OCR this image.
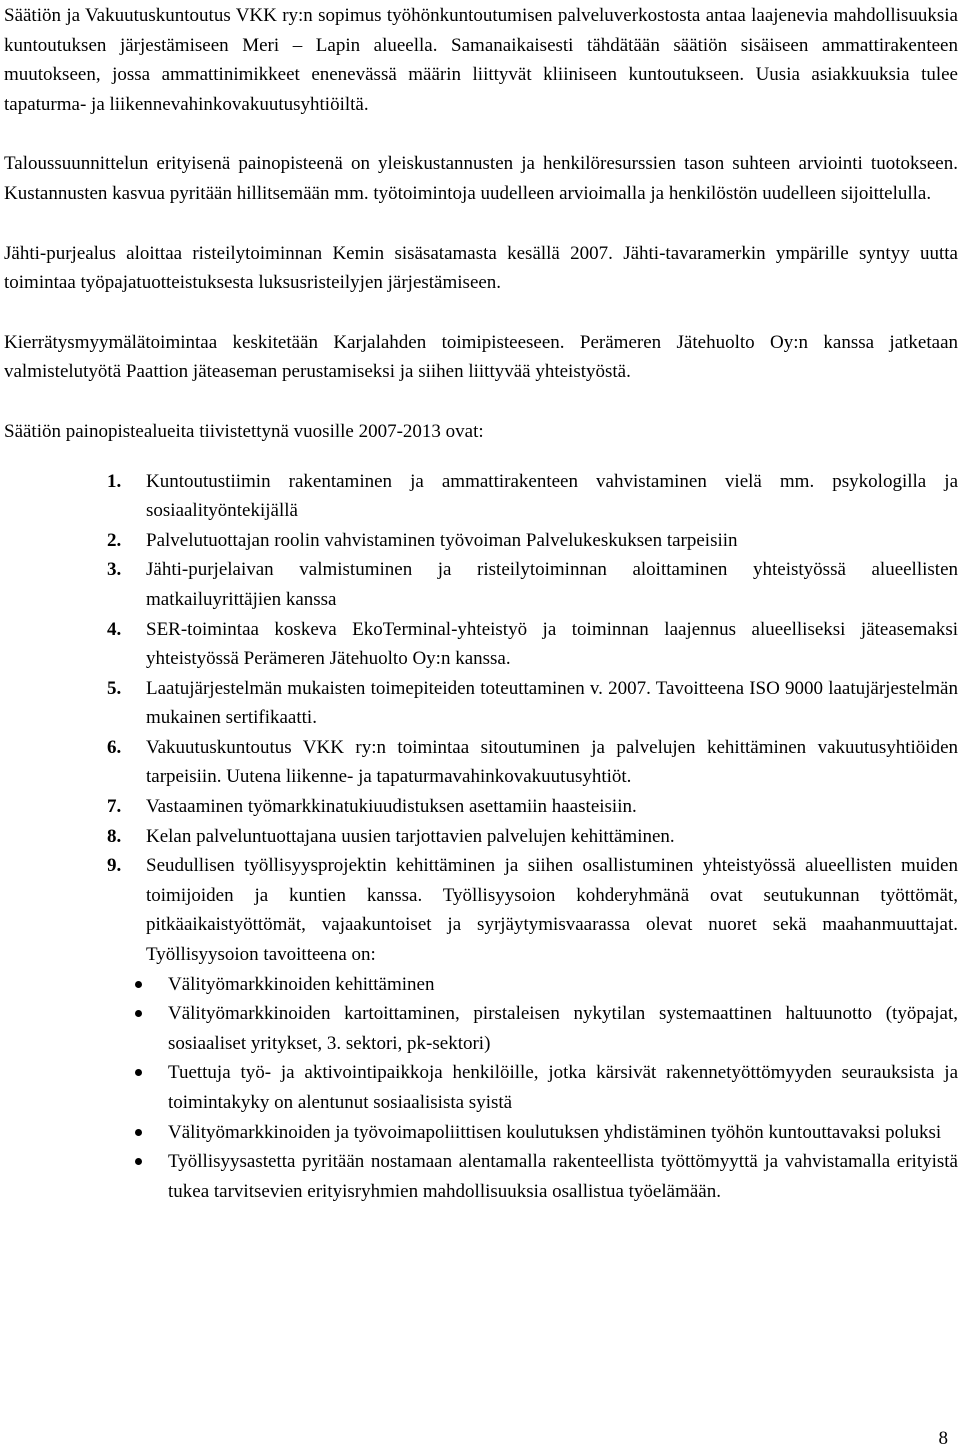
Säätiön ja Vakuutuskuntoutus VKK ry:n sopimus työhönkuntoutumisen palveluverkostosta antaa laajenevia mahdollisuuksia kuntoutuksen järjestämiseen Meri – Lapin alueella. Samanaikaisesti tähdätään säätiön sisäiseen ammattirakenteen muutokseen, jossa ammattinimikkeet enenevässä määrin liittyvät kliiniseen kuntoutukseen. Uusia asiakkuuksia tulee tapaturma- ja liikennevahinkovakuutusyhtiöiltä.

Taloussuunnittelun erityisenä painopisteenä on yleiskustannusten ja henkilöresurssien tason suhteen arviointi tuotokseen. Kustannusten kasvua pyritään hillitsemään mm. työtoimintoja uudelleen arvioimalla ja henkilöstön uudelleen sijoittelulla.

Jähti-purjealus aloittaa risteilytoiminnan Kemin sisäsatamasta kesällä 2007. Jähti-tavaramerkin ympärille syntyy uutta toimintaa työpajatuotteistuksesta luksusristeilyjen järjestämiseen.

Kierrätysmyymälätoimintaa keskitetään Karjalahden toimipisteeseen. Perämeren Jätehuolto Oy:n kanssa jatketaan valmistelutyötä Paattion jäteaseman perustamiseksi ja siihen liittyvää yhteistyöstä.

Säätiön painopistealueita tiivistettynä vuosille 2007-2013 ovat:

1. Kuntoutustiimin rakentaminen ja ammattirakenteen vahvistaminen vielä mm. psykologilla ja sosiaalityöntekijällä
2. Palvelutuottajan roolin vahvistaminen työvoiman Palvelukeskuksen tarpeisiin
3. Jähti-purjelaivan valmistuminen ja risteilytoiminnan aloittaminen yhteistyössä alueellisten matkailuyrittäjien kanssa
4. SER-toimintaa koskeva EkoTerminal-yhteistyö ja toiminnan laajennus alueelliseksi jäteasemaksi yhteistyössä Perämeren Jätehuolto Oy:n kanssa.
5. Laatujärjestelmän mukaisten toimepiteiden toteuttaminen v. 2007. Tavoitteena ISO 9000 laatujärjestelmän mukainen sertifikaatti.
6. Vakuutuskuntoutus VKK ry:n toimintaa sitoutuminen ja palvelujen kehittäminen vakuutusyhtiöiden tarpeisiin. Uutena liikenne- ja tapaturmavahinkovakuutusyhtiöt.
7. Vastaaminen työmarkkinatukiuudistuksen asettamiin haasteisiin.
8. Kelan palveluntuottajana uusien tarjottavien palvelujen kehittäminen.
9. Seudullisen työllisyysprojektin kehittäminen ja siihen osallistuminen yhteistyössä alueellisten muiden toimijoiden ja kuntien kanssa. Työllisyysoion kohderyhmänä ovat seutukunnan työttömät, pitkäaikaistyöttömät, vajaakuntoiset ja syrjäytymisvaarassa olevat nuoret sekä maahanmuuttajat. Työllisyysoion tavoitteena on:
Välityömarkkinoiden kehittäminen
Välityömarkkinoiden kartoittaminen, pirstaleisen nykytilan systemaattinen haltuunotto (työpajat, sosiaaliset yritykset, 3. sektori, pk-sektori)
Tuettuja työ- ja aktivointipaikkoja henkilöille, jotka kärsivät rakennetyöttömyyden seurauksista ja toimintakyky on alentunut sosiaalisista syistä
Välityömarkkinoiden ja työvoimapoliittisen koulutuksen yhdistäminen työhön kuntouttavaksi poluksi
Työllisyysastetta pyritään nostamaan alentamalla rakenteellista työttömyyttä ja vahvistamalla erityistä tukea tarvitsevien erityisryhmien mahdollisuuksia osallistua työelämään.
8
